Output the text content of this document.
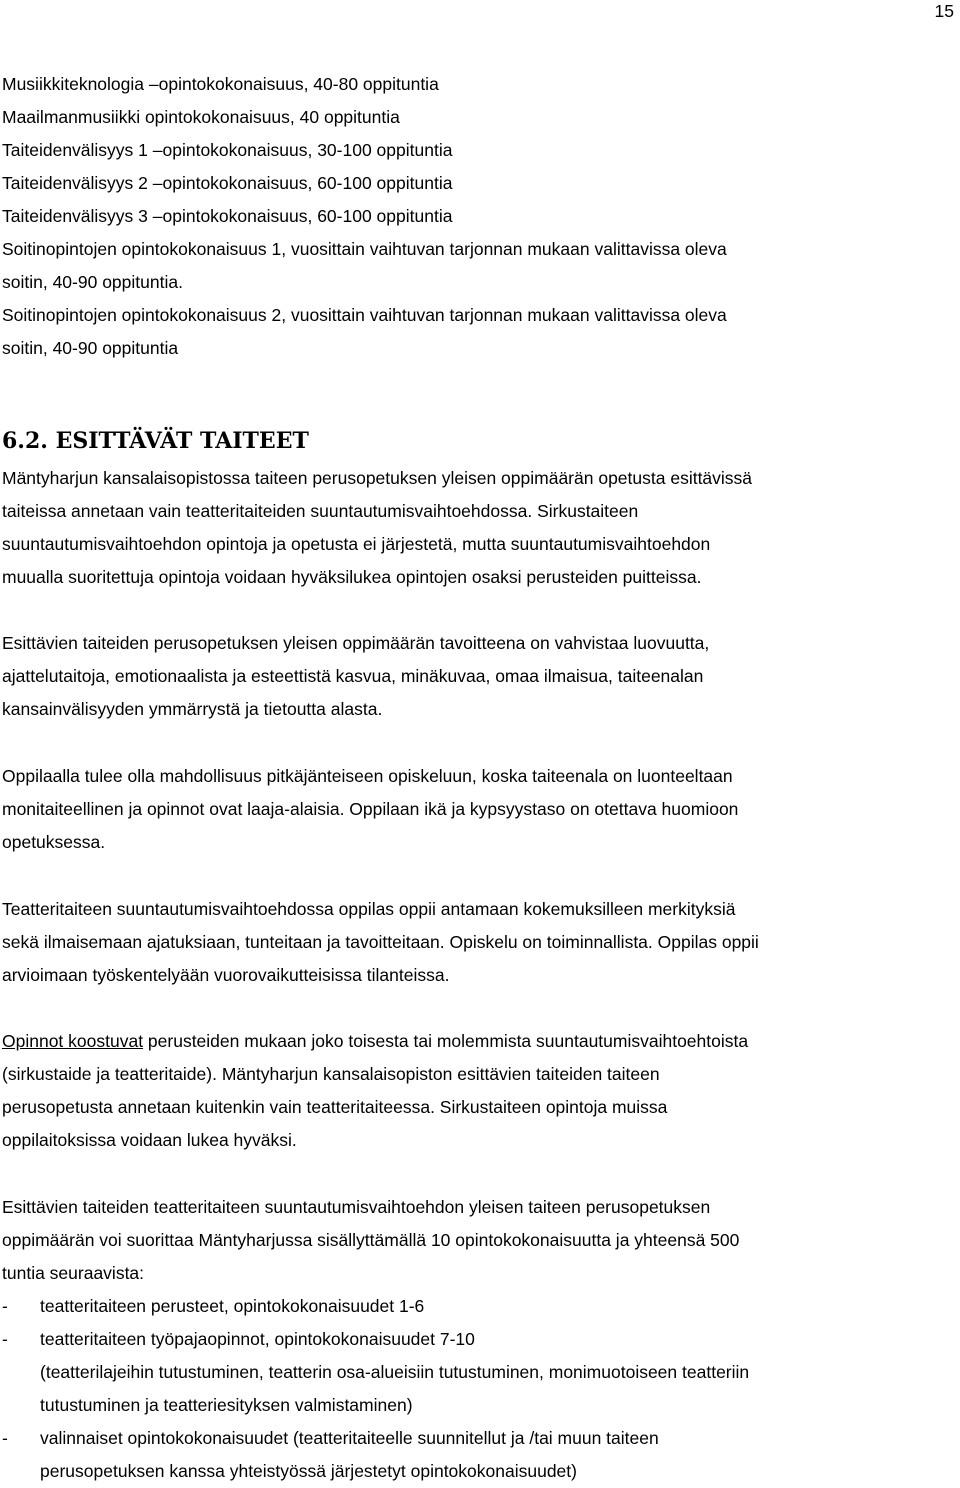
15
Musiikkiteknologia –opintokokonaisuus, 40-80 oppituntia
Maailmanmusiikki opintokokonaisuus, 40 oppituntia
Taiteidenvälisyys 1 –opintokokonaisuus, 30-100 oppituntia
Taiteidenvälisyys 2 –opintokokonaisuus, 60-100 oppituntia
Taiteidenvälisyys 3 –opintokokonaisuus, 60-100 oppituntia
Soitinopintojen opintokokonaisuus 1, vuosittain vaihtuvan tarjonnan mukaan valittavissa oleva
soitin, 40-90 oppituntia.
Soitinopintojen opintokokonaisuus 2, vuosittain vaihtuvan tarjonnan mukaan valittavissa oleva
soitin, 40-90 oppituntia
6.2. ESITTÄVÄT TAITEET
Mäntyharjun kansalaisopistossa taiteen perusopetuksen yleisen oppimäärän opetusta esittävissä
taiteissa annetaan vain teatteritaiteiden suuntautumisvaihtoehdossa. Sirkustaiteen
suuntautumisvaihtoehdon opintoja ja opetusta ei järjestetä, mutta suuntautumisvaihtoehdon
muualla suoritettuja opintoja voidaan hyväksilukea opintojen osaksi perusteiden puitteissa.
Esittävien taiteiden perusopetuksen yleisen oppimäärän tavoitteena on vahvistaa luovuutta,
ajattelutaitoja, emotionaalista ja esteettistä kasvua, minäkuvaa, omaa ilmaisua, taiteenalan
kansainvälisyyden ymmärrystä ja tietoutta alasta.
Oppilaalla tulee olla mahdollisuus pitkäjänteiseen opiskeluun, koska taiteenala on luonteeltaan
monitaiteellinen ja opinnot ovat laaja-alaisia. Oppilaan ikä ja kypsyystaso on otettava huomioon
opetuksessa.
Teatteritaiteen suuntautumisvaihtoehdossa oppilas oppii antamaan kokemuksilleen merkityksiä
sekä ilmaisemaan ajatuksiaan, tunteitaan ja tavoitteitaan. Opiskelu on toiminnallista. Oppilas oppii
arvioimaan työskentelyään vuorovaikutteisissa tilanteissa.
Opinnot koostuvat perusteiden mukaan joko toisesta tai molemmista suuntautumisvaihtoehtoista
(sirkustaide ja teatteritaide). Mäntyharjun kansalaisopiston esittävien taiteiden taiteen
perusopetusta annetaan kuitenkin vain teatteritaiteessa. Sirkustaiteen opintoja muissa
oppilaitoksissa voidaan lukea hyväksi.
Esittävien taiteiden teatteritaiteen suuntautumisvaihtoehdon yleisen taiteen perusopetuksen
oppimäärän voi suorittaa Mäntyharjussa sisällyttämällä 10 opintokokonaisuutta ja yhteensä 500
tuntia seuraavista:
-	teatteritaiteen perusteet, opintokokonaisuudet 1-6
-	teatteritaiteen työpajaopinnot, opintokokonaisuudet 7-10
(teatterilajeihin tutustuminen, teatterin osa-alueisiin tutustuminen, monimuotoiseen teatteriin
tutustuminen ja teatteriesityksen valmistaminen)
-	valinnaiset opintokokonaisuudet (teatteritaiteelle suunnitellut ja /tai muun taiteen
perusopetuksen kanssa yhteistyössä järjestetyt opintokokonaisuudet)
